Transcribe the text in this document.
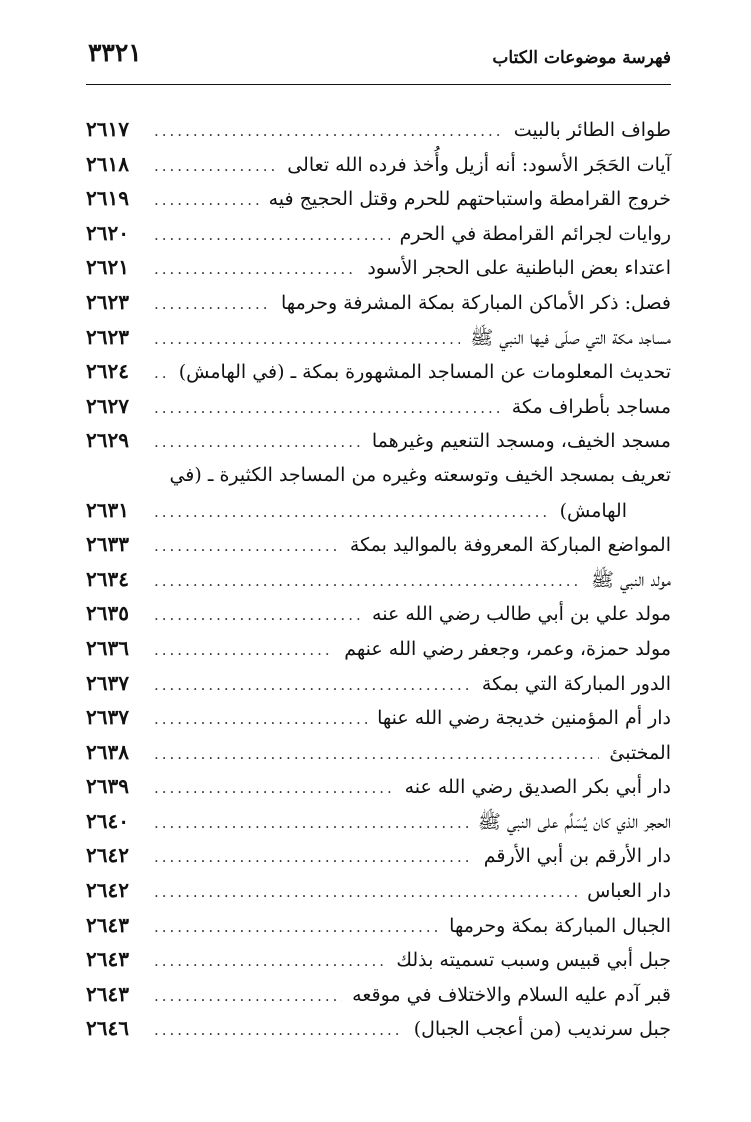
فهرسة موضوعات الكتاب
٣٣٢١
طواف الطائر بالبيت
.....
٢٦١٧
آيات الحَجَر الأسود: أنه أزيل وأُخذ فرده الله تعالى
.....
٢٦١٨
خروج القرامطة واستباحتهم للحرم وقتل الحجيج فيه
.....
٢٦١٩
روايات لجرائم القرامطة في الحرم
.....
٢٦٢٠
اعتداء بعض الباطنية على الحجر الأسود
.....
٢٦٢١
فصل: ذكر الأماكن المباركة بمكة المشرفة وحرمها
.....
٢٦٢٣
مساجد مكة التي صلّى فيها النبي ﷺ
.....
٢٦٢٣
تحديث المعلومات عن المساجد المشهورة بمكة ـ (في الهامش)
.....
٢٦٢٤
مساجد بأطراف مكة
.....
٢٦٢٧
مسجد الخيف، ومسجد التنعيم وغيرهما
.....
٢٦٢٩
تعريف بمسجد الخيف وتوسعته وغيره من المساجد الكثيرة ـ (في
الهامش)
.....
٢٦٣١
المواضع المباركة المعروفة بالمواليد بمكة
.....
٢٦٣٣
مولد النبي ﷺ
.....
٢٦٣٤
مولد علي بن أبي طالب رضي الله عنه
.....
٢٦٣٥
مولد حمزة، وعمر، وجعفر رضي الله عنهم
.....
٢٦٣٦
الدور المباركة التي بمكة
.....
٢٦٣٧
دار أم المؤمنين خديجة رضي الله عنها
.....
٢٦٣٧
المختبئ
.....
٢٦٣٨
دار أبي بكر الصديق رضي الله عنه
.....
٢٦٣٩
الحجر الذي كان يُسَلِّم على النبي ﷺ
.....
٢٦٤٠
دار الأرقم بن أبي الأرقم
.....
٢٦٤٢
دار العباس
.....
٢٦٤٢
الجبال المباركة بمكة وحرمها
.....
٢٦٤٣
جبل أبي قبيس وسبب تسميته بذلك
.....
٢٦٤٣
قبر آدم عليه السلام والاختلاف في موقعه
.....
٢٦٤٣
جبل سرنديب (من أعجب الجبال)
.....
٢٦٤٦
